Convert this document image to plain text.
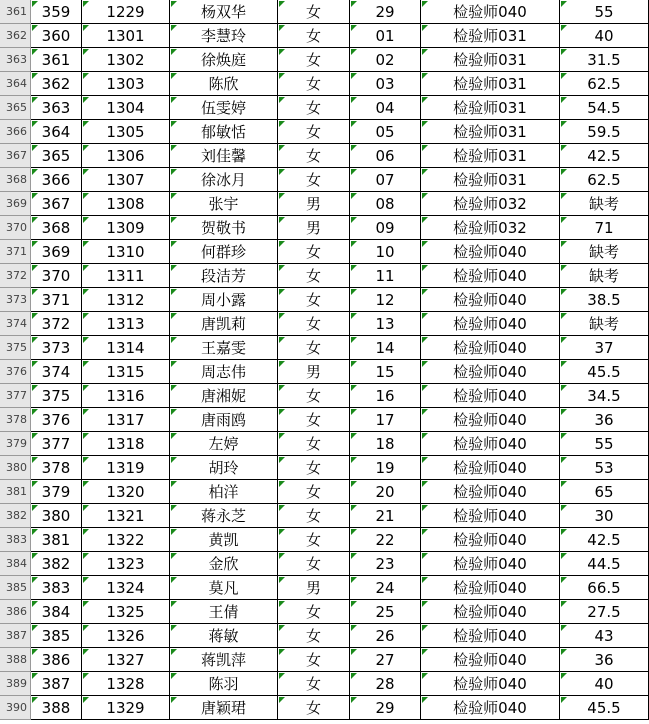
361 359	1229	杨双华	女	29	检验师040	55
362 360	1301	李慧玲	女	01	检验师031	40
363 361	1302	徐焕庭	女	02	检验师031	31.5
364 362	1303	陈欣	女	03	检验师031	62.5
365 363	1304	伍雯婷	女	04	检验师031	54.5
366 364	1305	郁敏恬	女	05	检验师031	59.5
367 365	1306	刘佳馨	女	06	检验师031	42.5
368 366	1307	徐冰月	女	07	检验师031	62.5
369 367	1308	张宇	男	08	检验师032	缺考
370 368	1309	贺敬书	男	09	检验师032	71
371 369	1310	何群珍	女	10	检验师040	缺考
372 370	1311	段洁芳	女	11	检验师040	缺考
373 371	1312	周小露	女	12	检验师040	38.5
374 372	1313	唐凯莉	女	13	检验师040	缺考
375 373	1314	王嘉雯	女	14	检验师040	37
376 374	1315	周志伟	男	15	检验师040	45.5
377 375	1316	唐湘妮	女	16	检验师040	34.5
378 376	1317	唐雨鸥	女	17	检验师040	36
379 377	1318	左婷	女	18	检验师040	55
380 378	1319	胡玲	女	19	检验师040	53
381 379	1320	柏洋	女	20	检验师040	65
382 380	1321	蒋永芝	女	21	检验师040	30
383 381	1322	黄凯	女	22	检验师040	42.5
384 382	1323	金欣	女	23	检验师040	44.5
385 383	1324	莫凡	男	24	检验师040	66.5
386 384	1325	王倩	女	25	检验师040	27.5
387 385	1326	蒋敏	女	26	检验师040	43
388 386	1327	蒋凯萍	女	27	检验师040	36
389 387	1328	陈羽	女	28	检验师040	40
390 388	1329	唐颖珺	女	29	检验师040	45.5
